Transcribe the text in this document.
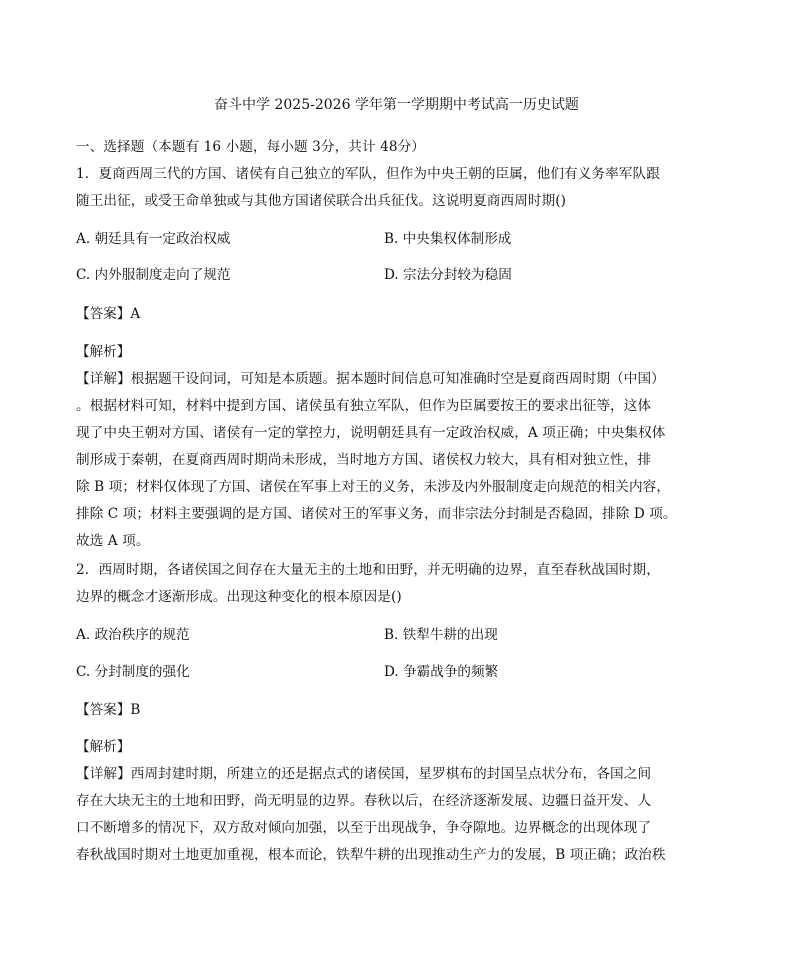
奋斗中学 2025-2026 学年第一学期期中考试高一历史试题
一、选择题（本题有 16 小题，每小题 3分，共计 48分）
1．夏商西周三代的方国、诸侯有自己独立的军队，但作为中央王朝的臣属，他们有义务率军队跟
随王出征，或受王命单独或与其他方国诸侯联合出兵征伐。这说明夏商西周时期()
A. 朝廷具有一定政治权威	B. 中央集权体制形成
C. 内外服制度走向了规范	D. 宗法分封较为稳固
【答案】A
【解析】
【详解】根据题干设问词，可知是本质题。据本题时间信息可知准确时空是夏商西周时期（中国）
。根据材料可知，材料中提到方国、诸侯虽有独立军队，但作为臣属要按王的要求出征等，这体
现了中央王朝对方国、诸侯有一定的掌控力，说明朝廷具有一定政治权威，A 项正确；中央集权体
制形成于秦朝，在夏商西周时期尚未形成，当时地方方国、诸侯权力较大，具有相对独立性，排
除 B 项；材料仅体现了方国、诸侯在军事上对王的义务，未涉及内外服制度走向规范的相关内容，
排除 C 项；材料主要强调的是方国、诸侯对王的军事义务，而非宗法分封制是否稳固，排除 D 项。
故选 A 项。
2．西周时期，各诸侯国之间存在大量无主的土地和田野，并无明确的边界，直至春秋战国时期，
边界的概念才逐渐形成。出现这种变化的根本原因是()
A. 政治秩序的规范	B. 铁犁牛耕的出现
C. 分封制度的强化	D. 争霸战争的频繁
【答案】B
【解析】
【详解】西周封建时期，所建立的还是据点式的诸侯国，星罗棋布的封国呈点状分布，各国之间
存在大块无主的土地和田野，尚无明显的边界。春秋以后，在经济逐渐发展、边疆日益开发、人
口不断增多的情况下，双方敌对倾向加强，以至于出现战争，争夺隙地。边界概念的出现体现了
春秋战国时期对土地更加重视，根本而论，铁犁牛耕的出现推动生产力的发展，B 项正确；政治秩
